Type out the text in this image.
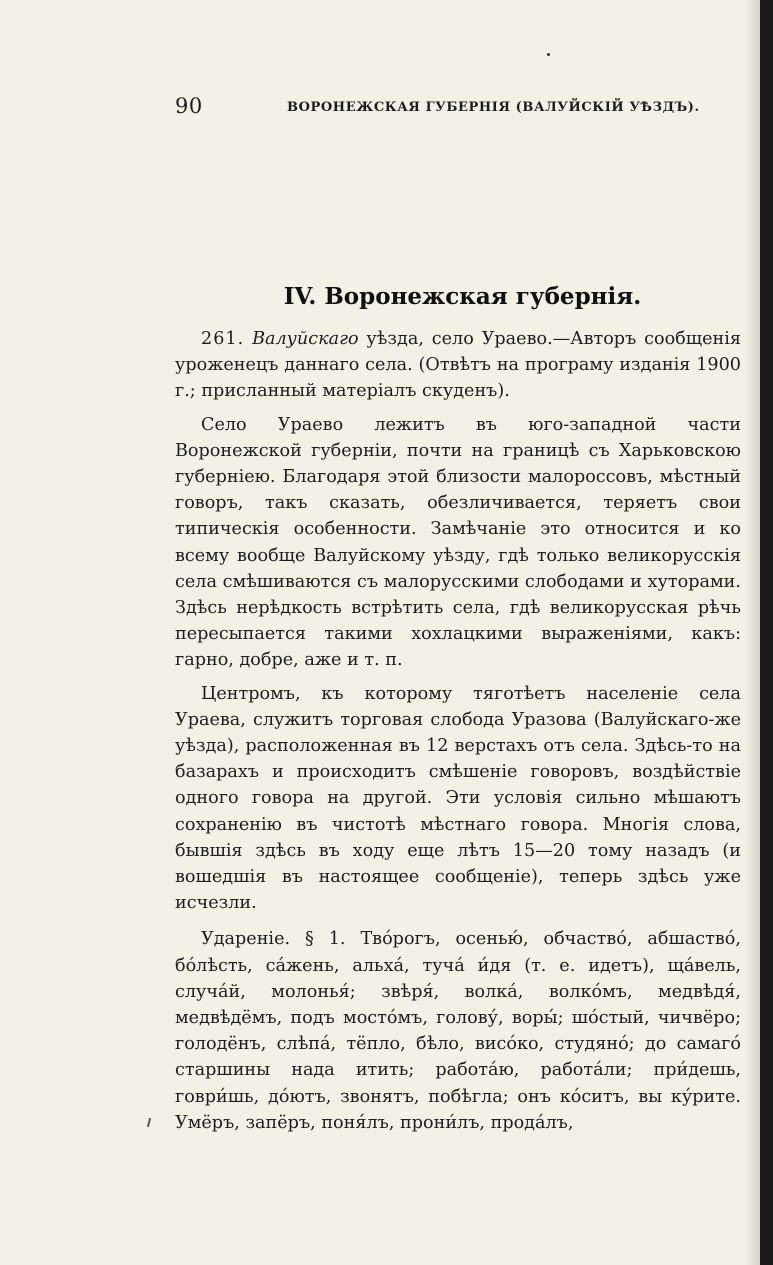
90	ВОРОНЕЖСКАЯ ГУБЕРНІЯ (ВАЛУЙСКІЙ УѢЗДЪ).
IV. Воронежская губернія.

261. Валуйскаго уѣзда, село Ураево.—Авторъ сообщенія уроженецъ даннаго села. (Отвѣтъ на програму изданія 1900 г.; присланный матеріалъ скуденъ).

Село Ураево лежитъ въ юго-западной части Воронежской губерніи, почти на границѣ съ Харьковскою губерніею. Благодаря этой близости малороссовъ, мѣстный говоръ, такъ сказать, обезличивается, теряетъ свои типическія особенности. Замѣчаніе это относится и ко всему вообще Валуйскому уѣзду, гдѣ только великорусскія села смѣшиваются съ малорусскими слободами и хуторами. Здѣсь нерѣдкость встрѣтить села, гдѣ великорусская рѣчь пересыпается такими хохлацкими выраженіями, какъ: гарно, добре, аже и т. п.

Центромъ, къ которому тяготѣетъ населеніе села Ураева, служитъ торговая слобода Уразова (Валуйскаго-же уѣзда), расположенная въ 12 верстахъ отъ села. Здѣсь-то на базарахъ и происходитъ смѣшеніе говоровъ, воздѣйствіе одного говора на другой. Эти условія сильно мѣшаютъ сохраненію въ чистотѣ мѣстнаго говора. Многія слова, бывшія здѣсь въ ходу еще лѣтъ 15—20 тому назадъ (и вошедшія въ настоящее сообщеніе), теперь здѣсь уже исчезли.

Удареніе. § 1. Тво́рогъ, осенью́, обчаство́, абшаство́, бо́лѣсть, са́жень, альха́, туча́ и́дя (т. е. идетъ), ща́вель, случа́й, молонья́; звѣря́, волка́, волко́мъ, медвѣдя́, медвѣдёмъ, подъ мосто́мъ, голову́, воры́; шо́стый, чичвёро; голодёнъ, слѣпа́, тёпло, бѣло, висо́ко, студяно́; до самаго́ старшины нада итить; работа́ю, работа́ли; при́дешь, говри́шь, до́ютъ, звонятъ, побѣгла; онъ ко́ситъ, вы ку́рите. Умёръ, запёръ, поня́лъ, прони́лъ, прода́лъ,
